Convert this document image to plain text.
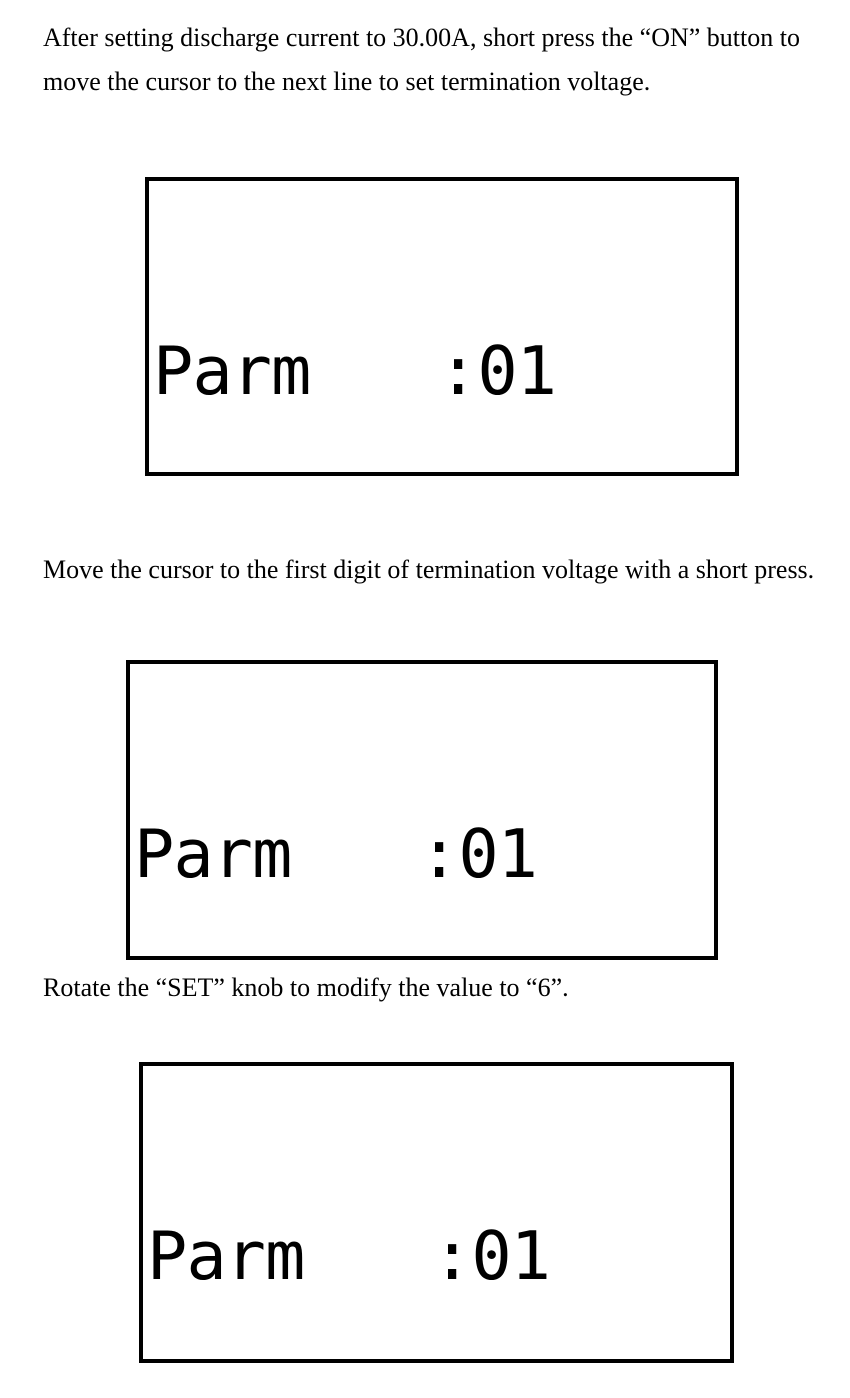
After setting discharge current to 30.00A, short press the “ON” button to move the cursor to the next line to set termination voltage.

Parm :01

Move the cursor to the first digit of termination voltage with a short press.

Parm :01

Rotate the “SET” knob to modify the value to “6”.

Parm :01
